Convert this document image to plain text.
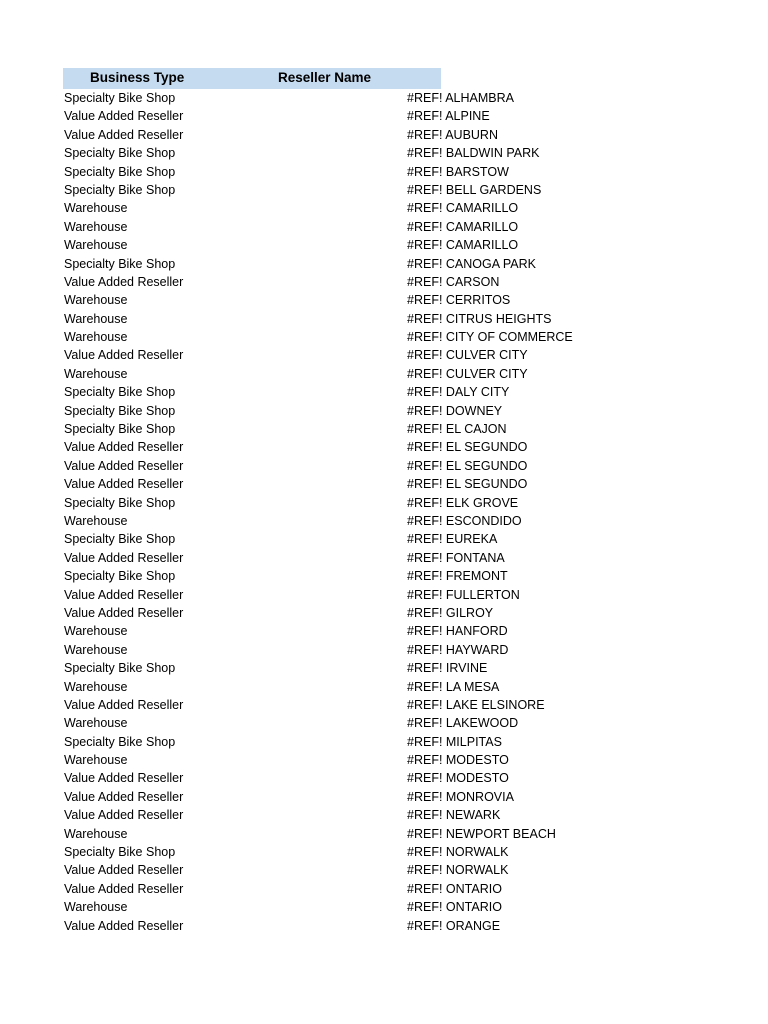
Business Type	Reseller Name
Specialty Bike Shop	#REF! ALHAMBRA
Value Added Reseller	#REF! ALPINE
Value Added Reseller	#REF! AUBURN
Specialty Bike Shop	#REF! BALDWIN PARK
Specialty Bike Shop	#REF! BARSTOW
Specialty Bike Shop	#REF! BELL GARDENS
Warehouse	#REF! CAMARILLO
Warehouse	#REF! CAMARILLO
Warehouse	#REF! CAMARILLO
Specialty Bike Shop	#REF! CANOGA PARK
Value Added Reseller	#REF! CARSON
Warehouse	#REF! CERRITOS
Warehouse	#REF! CITRUS HEIGHTS
Warehouse	#REF! CITY OF COMMERCE
Value Added Reseller	#REF! CULVER CITY
Warehouse	#REF! CULVER CITY
Specialty Bike Shop	#REF! DALY CITY
Specialty Bike Shop	#REF! DOWNEY
Specialty Bike Shop	#REF! EL CAJON
Value Added Reseller	#REF! EL SEGUNDO
Value Added Reseller	#REF! EL SEGUNDO
Value Added Reseller	#REF! EL SEGUNDO
Specialty Bike Shop	#REF! ELK GROVE
Warehouse	#REF! ESCONDIDO
Specialty Bike Shop	#REF! EUREKA
Value Added Reseller	#REF! FONTANA
Specialty Bike Shop	#REF! FREMONT
Value Added Reseller	#REF! FULLERTON
Value Added Reseller	#REF! GILROY
Warehouse	#REF! HANFORD
Warehouse	#REF! HAYWARD
Specialty Bike Shop	#REF! IRVINE
Warehouse	#REF! LA MESA
Value Added Reseller	#REF! LAKE ELSINORE
Warehouse	#REF! LAKEWOOD
Specialty Bike Shop	#REF! MILPITAS
Warehouse	#REF! MODESTO
Value Added Reseller	#REF! MODESTO
Value Added Reseller	#REF! MONROVIA
Value Added Reseller	#REF! NEWARK
Warehouse	#REF! NEWPORT BEACH
Specialty Bike Shop	#REF! NORWALK
Value Added Reseller	#REF! NORWALK
Value Added Reseller	#REF! ONTARIO
Warehouse	#REF! ONTARIO
Value Added Reseller	#REF! ORANGE
